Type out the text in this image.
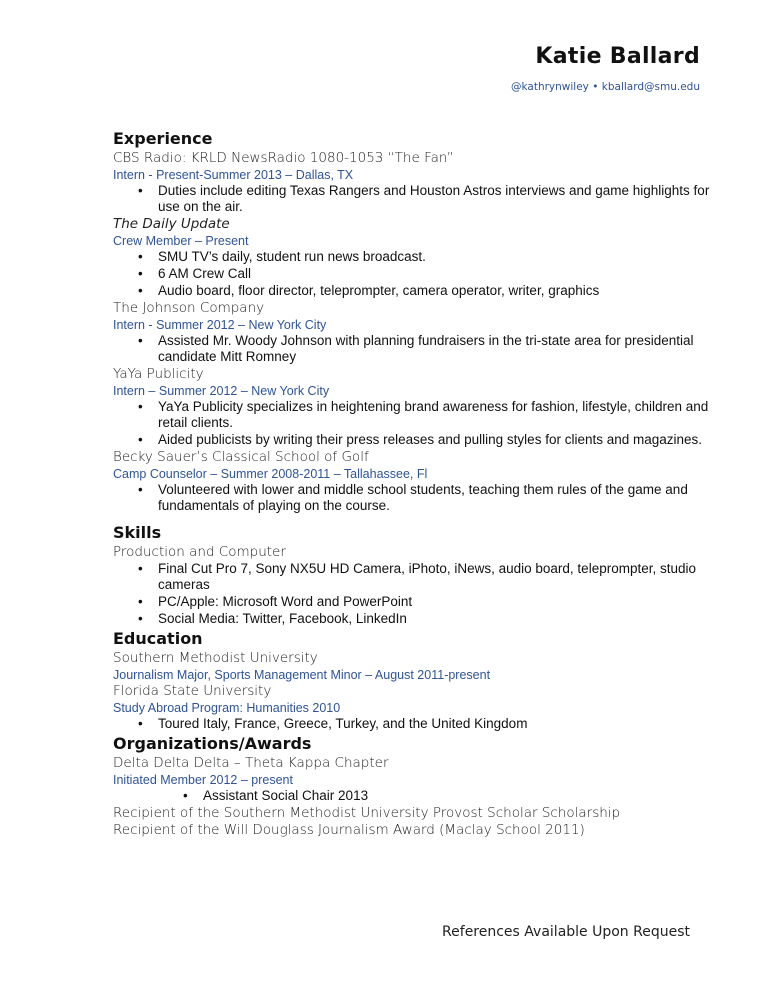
Katie Ballard
@kathrynwiley • kballard@smu.edu
Experience
CBS Radio: KRLD NewsRadio 1080-1053 “The Fan”
Intern - Present-Summer 2013 – Dallas, TX
• Duties include editing Texas Rangers and Houston Astros interviews and game highlights for use on the air.
The Daily Update
Crew Member – Present
• SMU TV’s daily, student run news broadcast.
• 6 AM Crew Call
• Audio board, floor director, teleprompter, camera operator, writer, graphics
The Johnson Company
Intern - Summer 2012 – New York City
• Assisted Mr. Woody Johnson with planning fundraisers in the tri-state area for presidential candidate Mitt Romney
YaYa Publicity
Intern – Summer 2012 – New York City
• YaYa Publicity specializes in heightening brand awareness for fashion, lifestyle, children and retail clients.
• Aided publicists by writing their press releases and pulling styles for clients and magazines.
Becky Sauer’s Classical School of Golf
Camp Counselor – Summer 2008-2011 – Tallahassee, Fl
• Volunteered with lower and middle school students, teaching them rules of the game and fundamentals of playing on the course.
Skills
Production and Computer
• Final Cut Pro 7, Sony NX5U HD Camera, iPhoto, iNews, audio board, teleprompter, studio cameras
• PC/Apple: Microsoft Word and PowerPoint
• Social Media: Twitter, Facebook, LinkedIn
Education
Southern Methodist University
Journalism Major, Sports Management Minor – August 2011-present
Florida State University
Study Abroad Program: Humanities 2010
• Toured Italy, France, Greece, Turkey, and the United Kingdom
Organizations/Awards
Delta Delta Delta – Theta Kappa Chapter
Initiated Member 2012 – present
• Assistant Social Chair 2013
Recipient of the Southern Methodist University Provost Scholar Scholarship
Recipient of the Will Douglass Journalism Award (Maclay School 2011)
References Available Upon Request
